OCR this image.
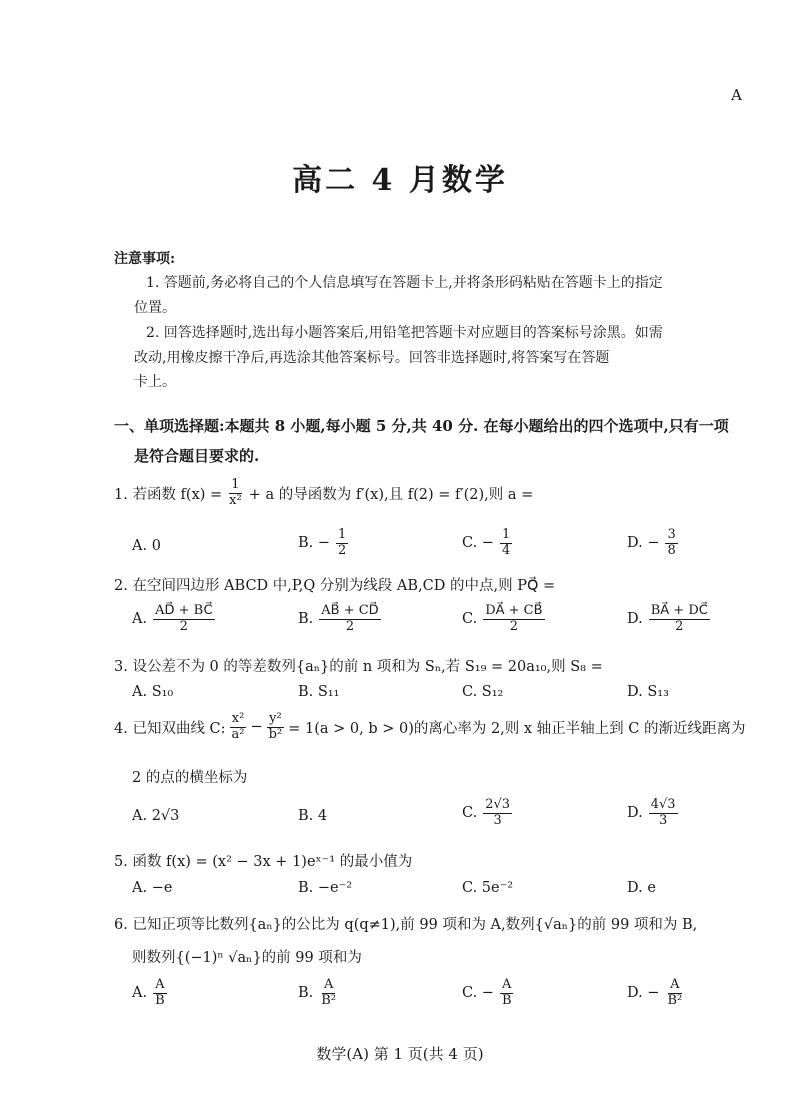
A
高二 4 月数学
注意事项:
1. 答题前,务必将自己的个人信息填写在答题卡上,并将条形码粘贴在答题卡上的指定
位置。
2. 回答选择题时,选出每小题答案后,用铅笔把答题卡对应题目的答案标号涂黑。如需
改动,用橡皮擦干净后,再选涂其他答案标号。回答非选择题时,将答案写在答题
卡上。
一、单项选择题:本题共 8 小题,每小题 5 分,共 40 分. 在每小题给出的四个选项中,只有一项
是符合题目要求的.
1. 若函数 $f(x) = \frac{1}{\text{x²}} + a$ 的导函数为 f′(x),且 f(2) = f′(2),则 a =
A. 0	B. − $\frac{1}{2}$	C. − $\frac{1}{4}$	D. − $\frac{3}{8}$
2. 在空间四边形 ABCD 中,P,Q 分别为线段 AB,CD 的中点,则 PQ⃗ =
A. $\frac{AD⃗ + BC⃗}{2}$	B. $\frac{AB⃗ + CD⃗}{2}$	C. $\frac{DA⃗ + CB⃗}{2}$	D. $\frac{BA⃗ + DC⃗}{2}$
3. 设公差不为 0 的等差数列{aₙ}的前 n 项和为 Sₙ,若 S₁₉ = 20a₁₀,则 S₈ =
A. S₁₀	B. S₁₁	C. S₁₂	D. S₁₃
4. 已知双曲线 C: $\frac{\text{x²}}{\text{a²}} - \frac{\text{y²}}{\text{b²}} = 1(a > 0$, b > 0)的离心率为 2,则 x 轴正半轴上到 C 的渐近线距离为
2 的点的横坐标为
A. 2√3	B. 4	C. $\frac{2√3}{3}$	D. $\frac{4√3}{3}$
5. 函数 f(x) = (x² − 3x + 1)eˣ⁻¹ 的最小值为
A. −e	B. −e⁻²	C. 5e⁻²	D. e
6. 已知正项等比数列{aₙ}的公比为 q(q≠1),前 99 项和为 A,数列{√aₙ}的前 99 项和为 B,
则数列{(−1)ⁿ √aₙ}的前 99 项和为
A. $\frac{A}{B}$	B. $\frac{A}{\text{B²}}$	C. − $\frac{A}{B}$	D. − $\frac{A}{\text{B²}}$
数学(A) 第 1 页(共 4 页)
